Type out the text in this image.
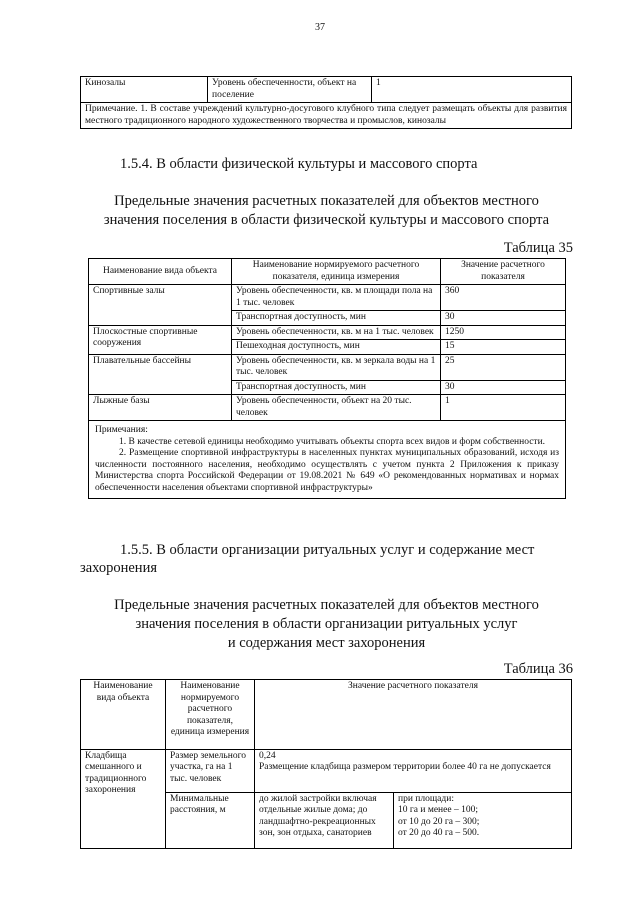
37
Кинозалы	Уровень обеспеченности, объект на поселение	1
Примечание. 1. В составе учреждений культурно-досугового клубного типа следует размещать объекты для развития местного традиционного народного художественного творчества и промыслов, кинозалы
1.5.4. В области физической культуры и массового спорта
Предельные значения расчетных показателей для объектов местного
значения поселения в области физической культуры и массового спорта
Таблица 35
Наименование вида объекта	Наименование нормируемого расчетного показателя, единица измерения	Значение расчетного показателя
Спортивные залы	Уровень обеспеченности, кв. м площади пола на 1 тыс. человек	360
	Транспортная доступность, мин	30
Плоскостные спортивные сооружения	Уровень обеспеченности, кв. м на 1 тыс. человек	1250
	Пешеходная доступность, мин	15
Плавательные бассейны	Уровень обеспеченности, кв. м зеркала воды на 1 тыс. человек	25
	Транспортная доступность, мин	30
Лыжные базы	Уровень обеспеченности, объект на 20 тыс. человек	1

Примечания:

1. В качестве сетевой единицы необходимо учитывать объекты спорта всех видов и форм собственности.

2. Размещение спортивной инфраструктуры в населенных пунктах муниципальных образований, исходя из численности постоянного населения, необходимо осуществлять с учетом пункта 2 Приложения к приказу Министерства спорта Российской Федерации от 19.08.2021 № 649 «О рекомендованных нормативах и нормах обеспеченности населения объектами спортивной инфраструктуры»		

1.5.5. В области организации ритуальных услуг и содержание мест
захоронения
Предельные значения расчетных показателей для объектов местного
значения поселения в области организации ритуальных услуг
и содержания мест захоронения
Таблица 36
Наименование вида объекта	Наименование нормируемого расчетного показателя, единица измерения	Значение расчетного показателя	
Кладбища смешанного и традиционного захоронения	Размер земельного участка, га на 1 тыс. человек	0,24
Размещение кладбища размером территории более 40 га не допускается	

	Минимальные расстояния, м	до жилой застройки включая отдельные жилые дома; до ландшафтно-рекреационных зон, зон отдыха, санаториев	при площади:
10 га и менее – 100;
от 10 до 20 га – 300;
от 20 до 40 га – 500.
